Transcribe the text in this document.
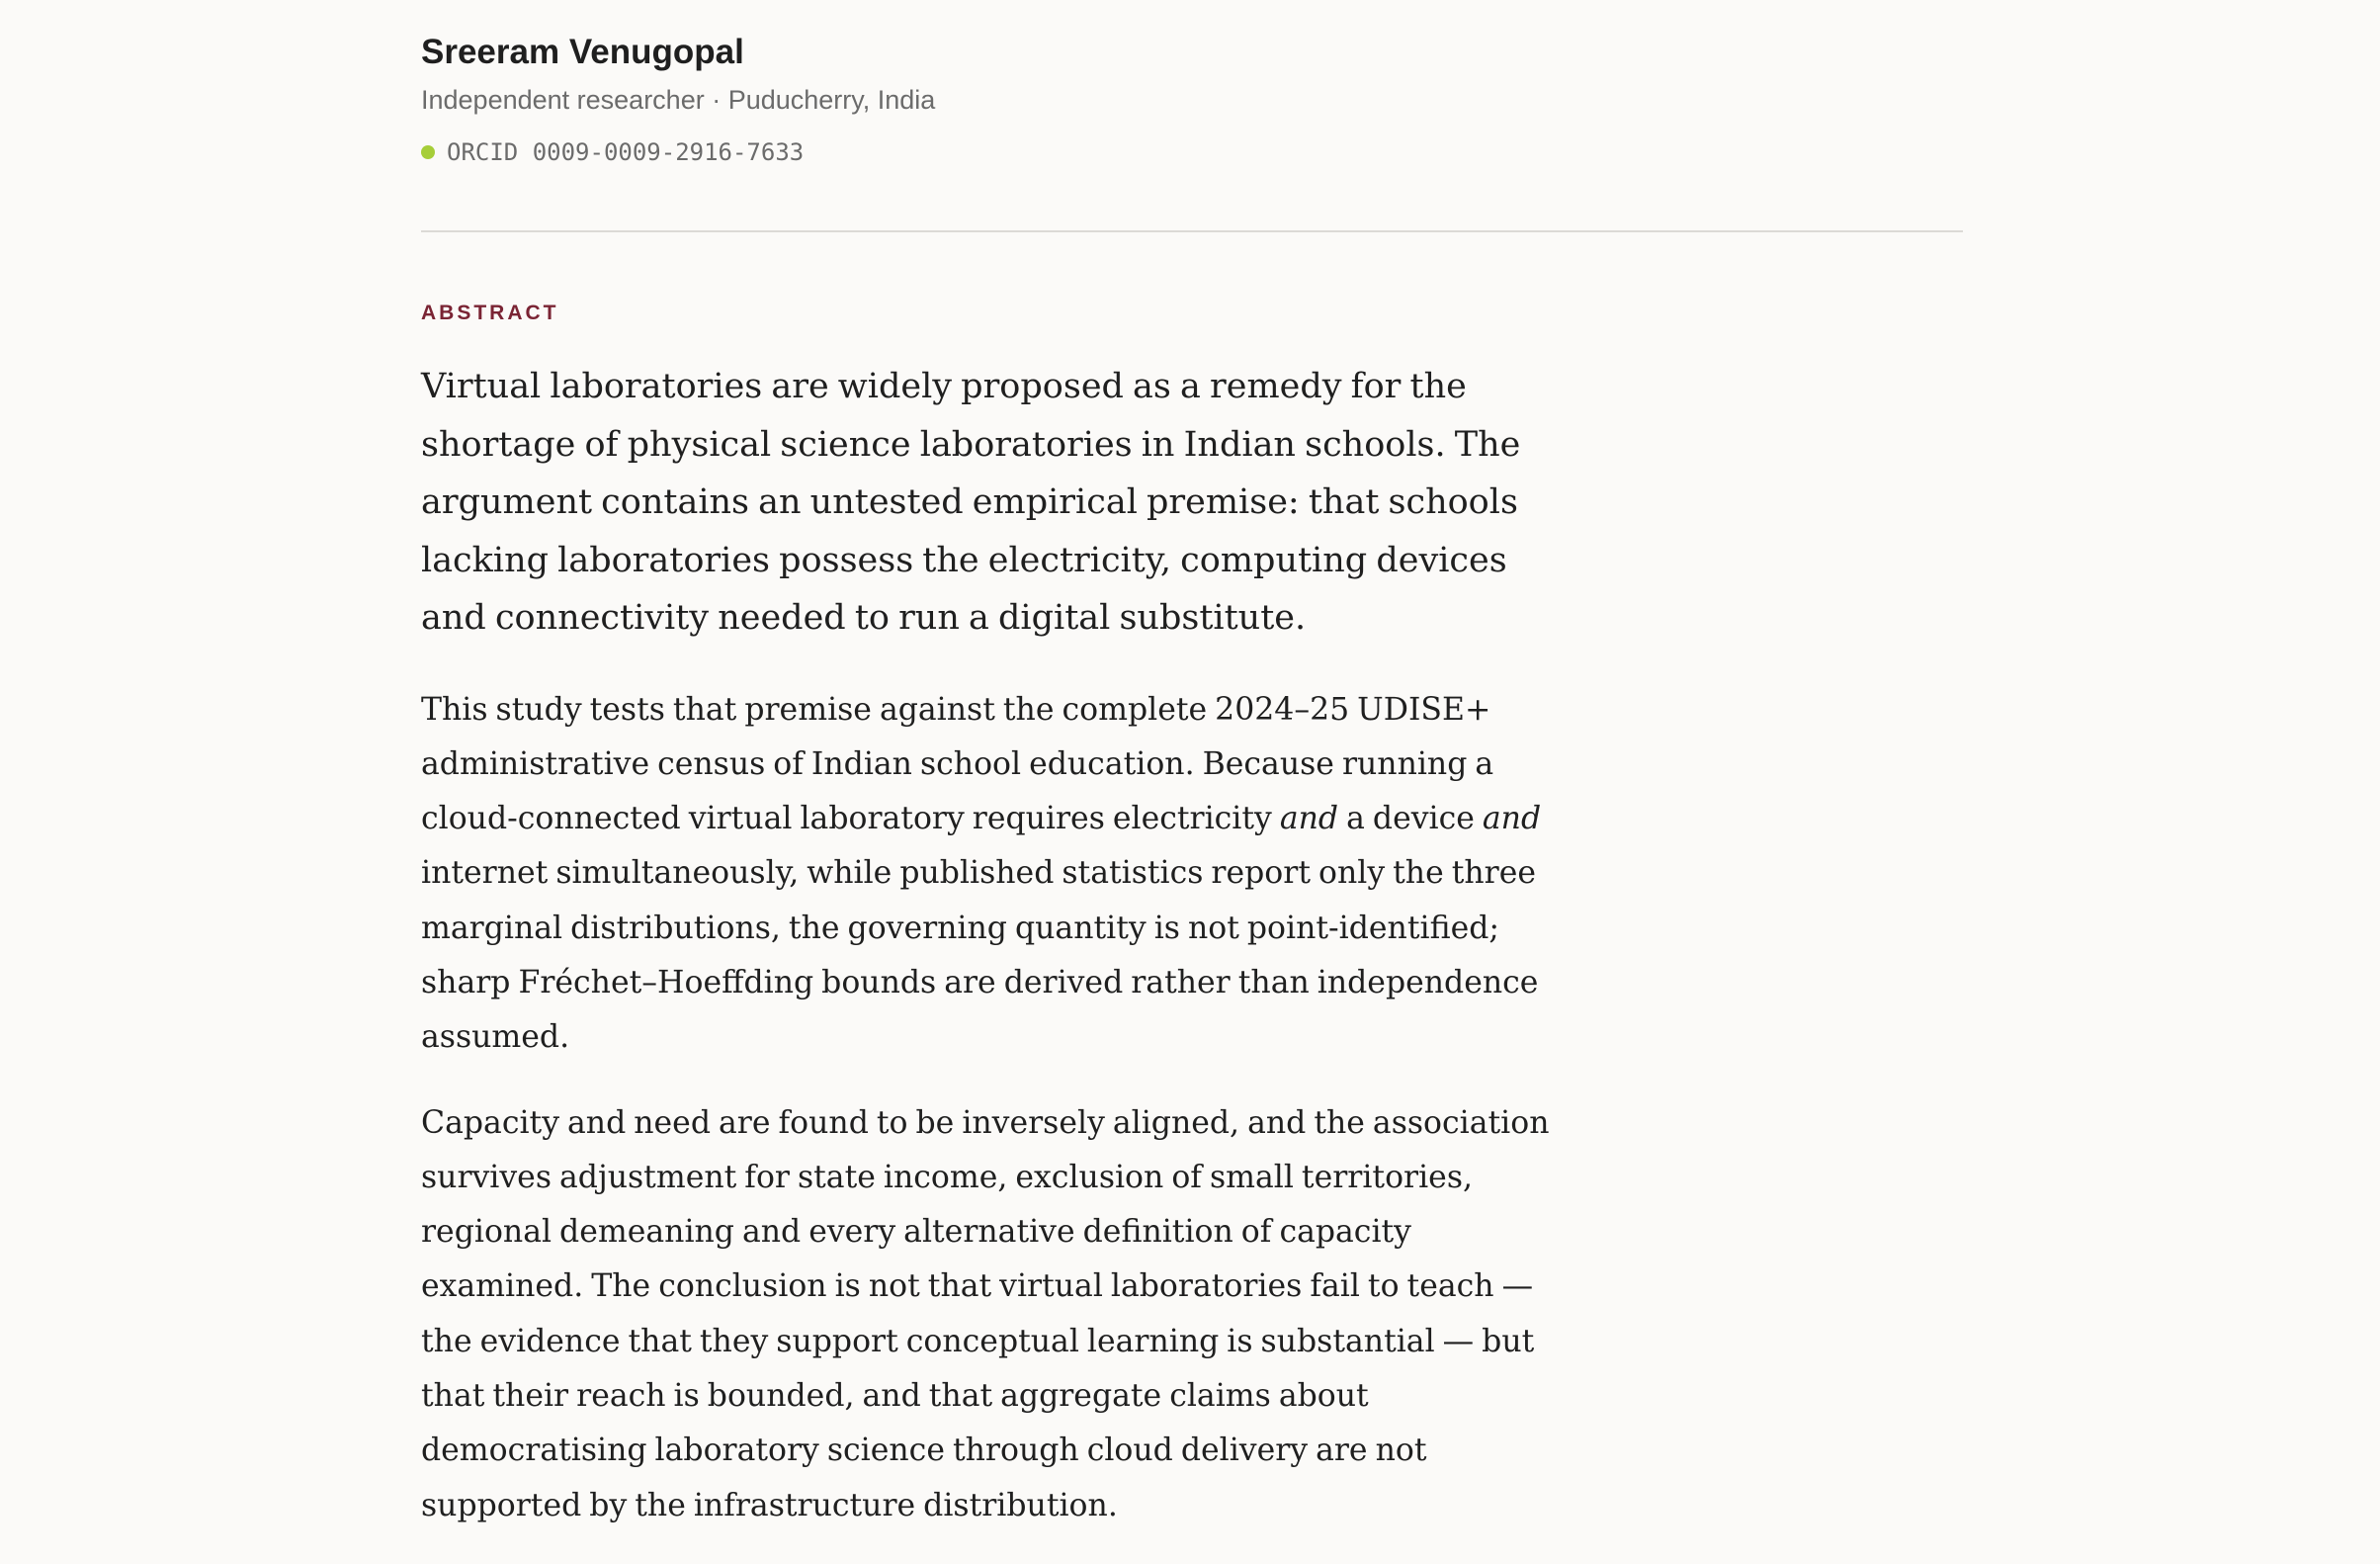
Sreeram Venugopal
Independent researcher · Puducherry, India
ORCID 0009-0009-2916-7633
ABSTRACT

Virtual laboratories are widely proposed as a remedy for the shortage of physical science laboratories in Indian schools. The argument contains an untested empirical premise: that schools lacking laboratories possess the electricity, computing devices and connectivity needed to run a digital substitute.

This study tests that premise against the complete 2024–25 UDISE+ administrative census of Indian school education. Because running a cloud-connected virtual laboratory requires electricity and a device and internet simultaneously, while published statistics report only the three marginal distributions, the governing quantity is not point-identified; sharp Fréchet–Hoeffding bounds are derived rather than independence assumed.

Capacity and need are found to be inversely aligned, and the association survives adjustment for state income, exclusion of small territories, regional demeaning and every alternative definition of capacity examined. The conclusion is not that virtual laboratories fail to teach — the evidence that they support conceptual learning is substantial — but that their reach is bounded, and that aggregate claims about democratising laboratory science through cloud delivery are not supported by the infrastructure distribution.
